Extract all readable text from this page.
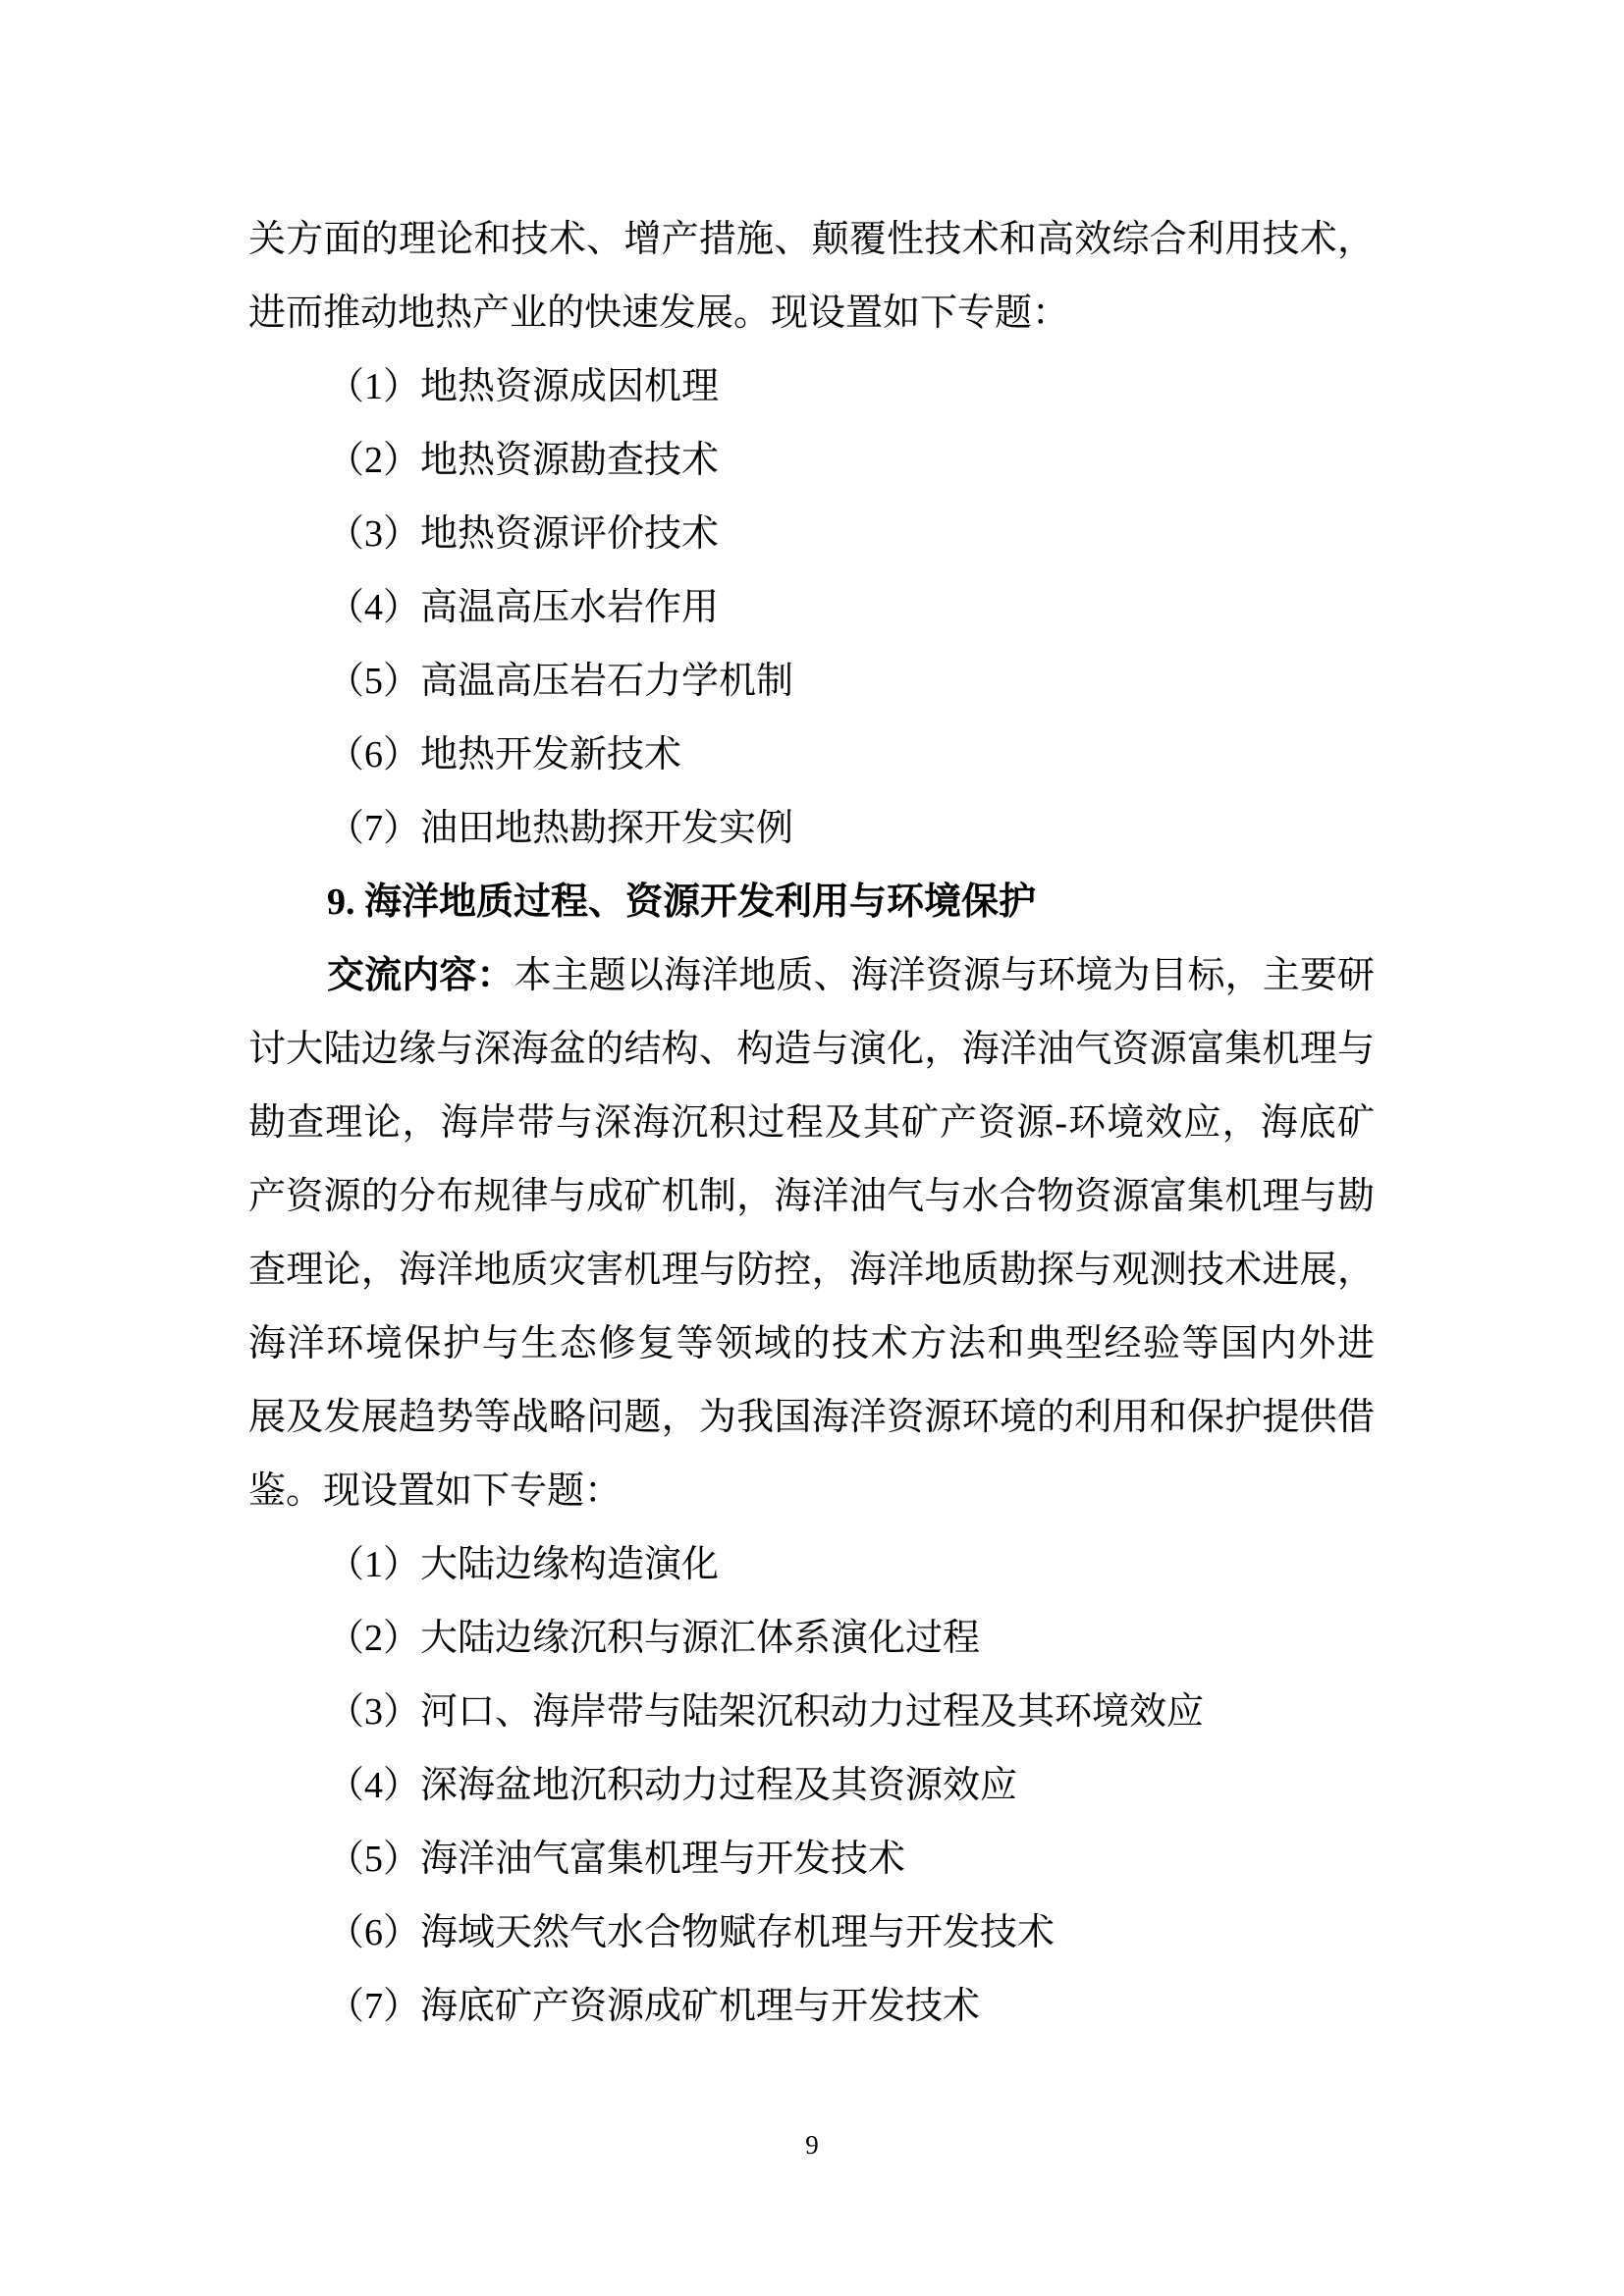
关方面的理论和技术、增产措施、颠覆性技术和高效综合利用技术，
进而推动地热产业的快速发展。现设置如下专题：
（1）地热资源成因机理
（2）地热资源勘查技术
（3）地热资源评价技术
（4）高温高压水岩作用
（5）高温高压岩石力学机制
（6）地热开发新技术
（7）油田地热勘探开发实例
9. 海洋地质过程、资源开发利用与环境保护
交流内容：本主题以海洋地质、海洋资源与环境为目标，主要研
讨大陆边缘与深海盆的结构、构造与演化，海洋油气资源富集机理与
勘查理论，海岸带与深海沉积过程及其矿产资源-环境效应，海底矿
产资源的分布规律与成矿机制，海洋油气与水合物资源富集机理与勘
查理论，海洋地质灾害机理与防控，海洋地质勘探与观测技术进展，
海洋环境保护与生态修复等领域的技术方法和典型经验等国内外进
展及发展趋势等战略问题，为我国海洋资源环境的利用和保护提供借
鉴。现设置如下专题：
（1）大陆边缘构造演化
（2）大陆边缘沉积与源汇体系演化过程
（3）河口、海岸带与陆架沉积动力过程及其环境效应
（4）深海盆地沉积动力过程及其资源效应
（5）海洋油气富集机理与开发技术
（6）海域天然气水合物赋存机理与开发技术
（7）海底矿产资源成矿机理与开发技术
9
